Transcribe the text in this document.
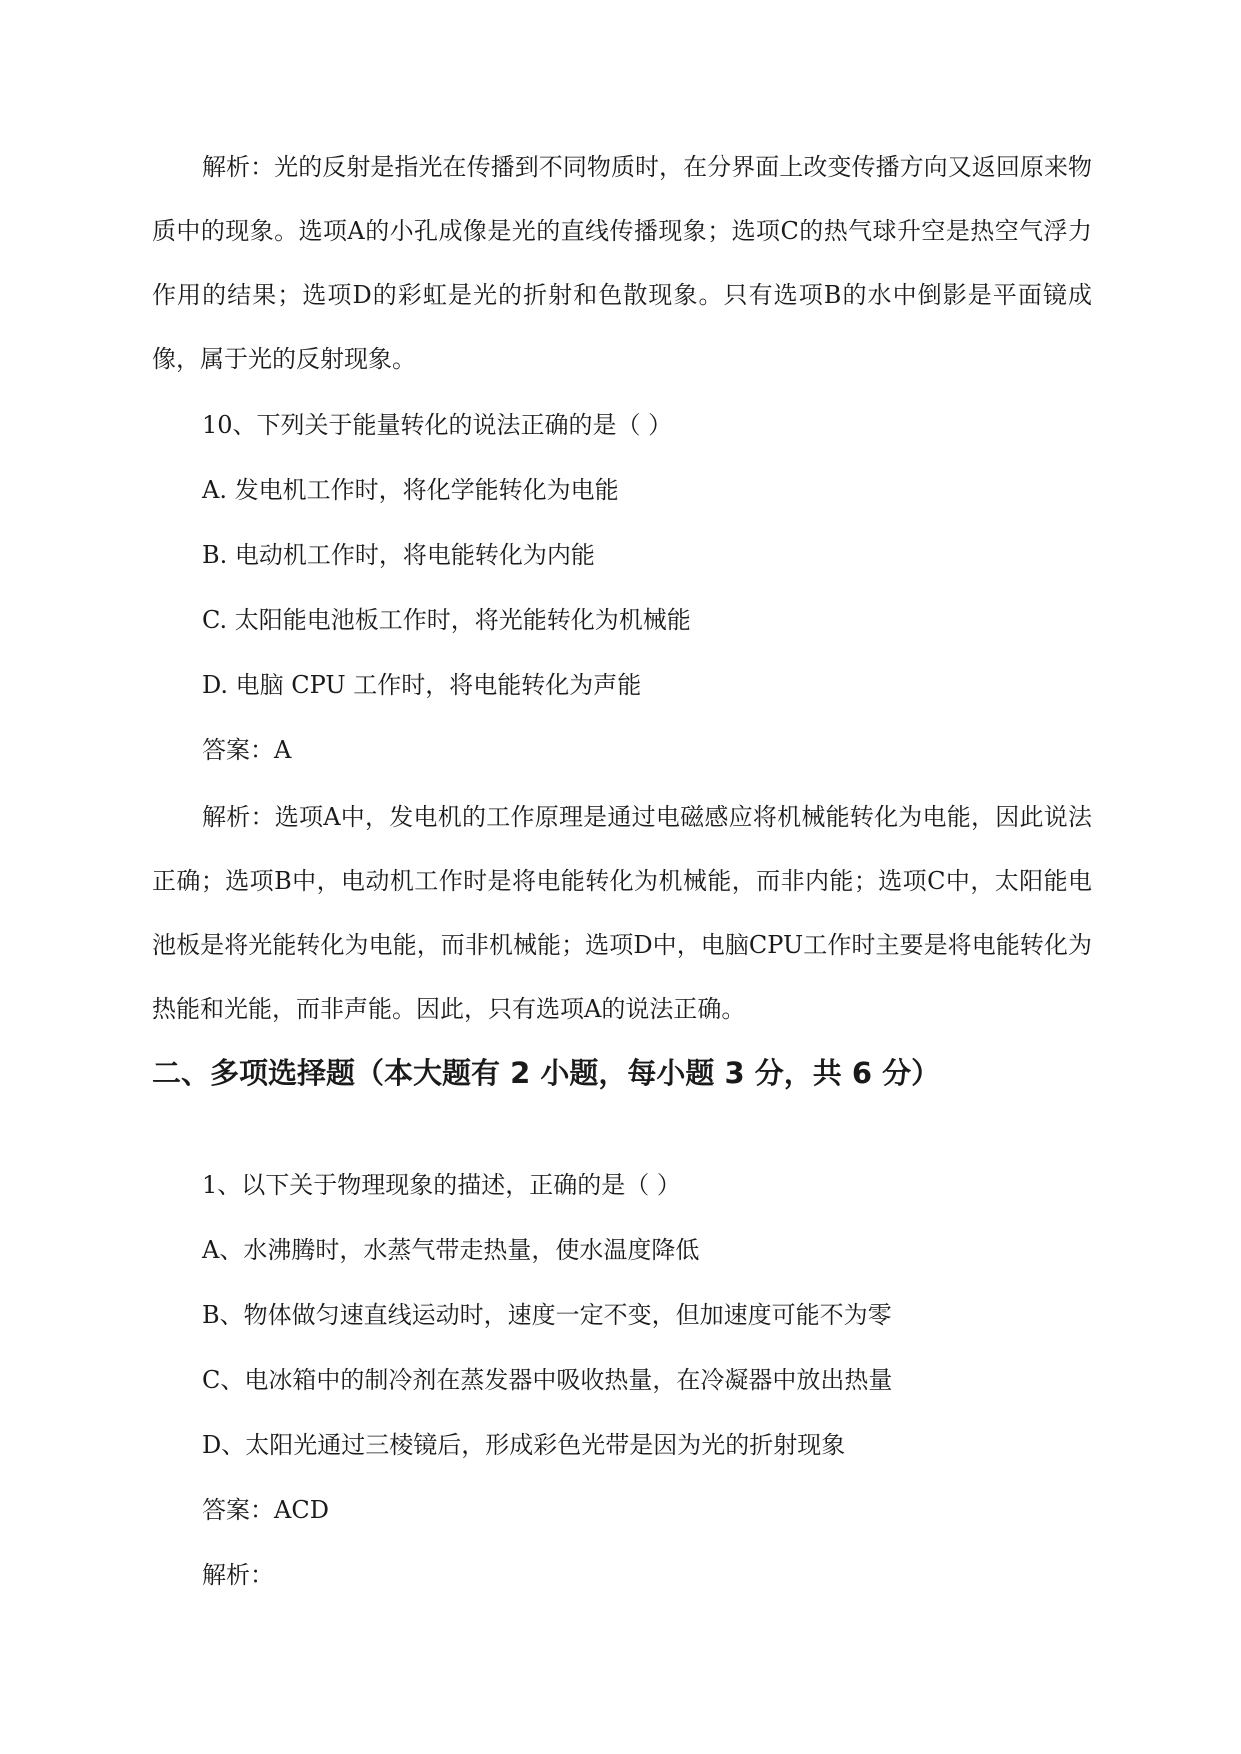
解析：光的反射是指光在传播到不同物质时，在分界面上改变传播方向又返回原来物质中的现象。选项A的小孔成像是光的直线传播现象；选项C的热气球升空是热空气浮力作用的结果；选项D的彩虹是光的折射和色散现象。只有选项B的水中倒影是平面镜成像，属于光的反射现象。

10、下列关于能量转化的说法正确的是（ ）

A. 发电机工作时，将化学能转化为电能

B. 电动机工作时，将电能转化为内能

C. 太阳能电池板工作时，将光能转化为机械能

D. 电脑 CPU 工作时，将电能转化为声能

答案：A

解析：选项A中，发电机的工作原理是通过电磁感应将机械能转化为电能，因此说法正确；选项B中，电动机工作时是将电能转化为机械能，而非内能；选项C中，太阳能电池板是将光能转化为电能，而非机械能；选项D中，电脑CPU工作时主要是将电能转化为热能和光能，而非声能。因此，只有选项A的说法正确。

二、多项选择题（本大题有 2 小题，每小题 3 分，共 6 分）

1、以下关于物理现象的描述，正确的是（ ）

A、水沸腾时，水蒸气带走热量，使水温度降低

B、物体做匀速直线运动时，速度一定不变，但加速度可能不为零

C、电冰箱中的制冷剂在蒸发器中吸收热量，在冷凝器中放出热量

D、太阳光通过三棱镜后，形成彩色光带是因为光的折射现象

答案：ACD

解析：
